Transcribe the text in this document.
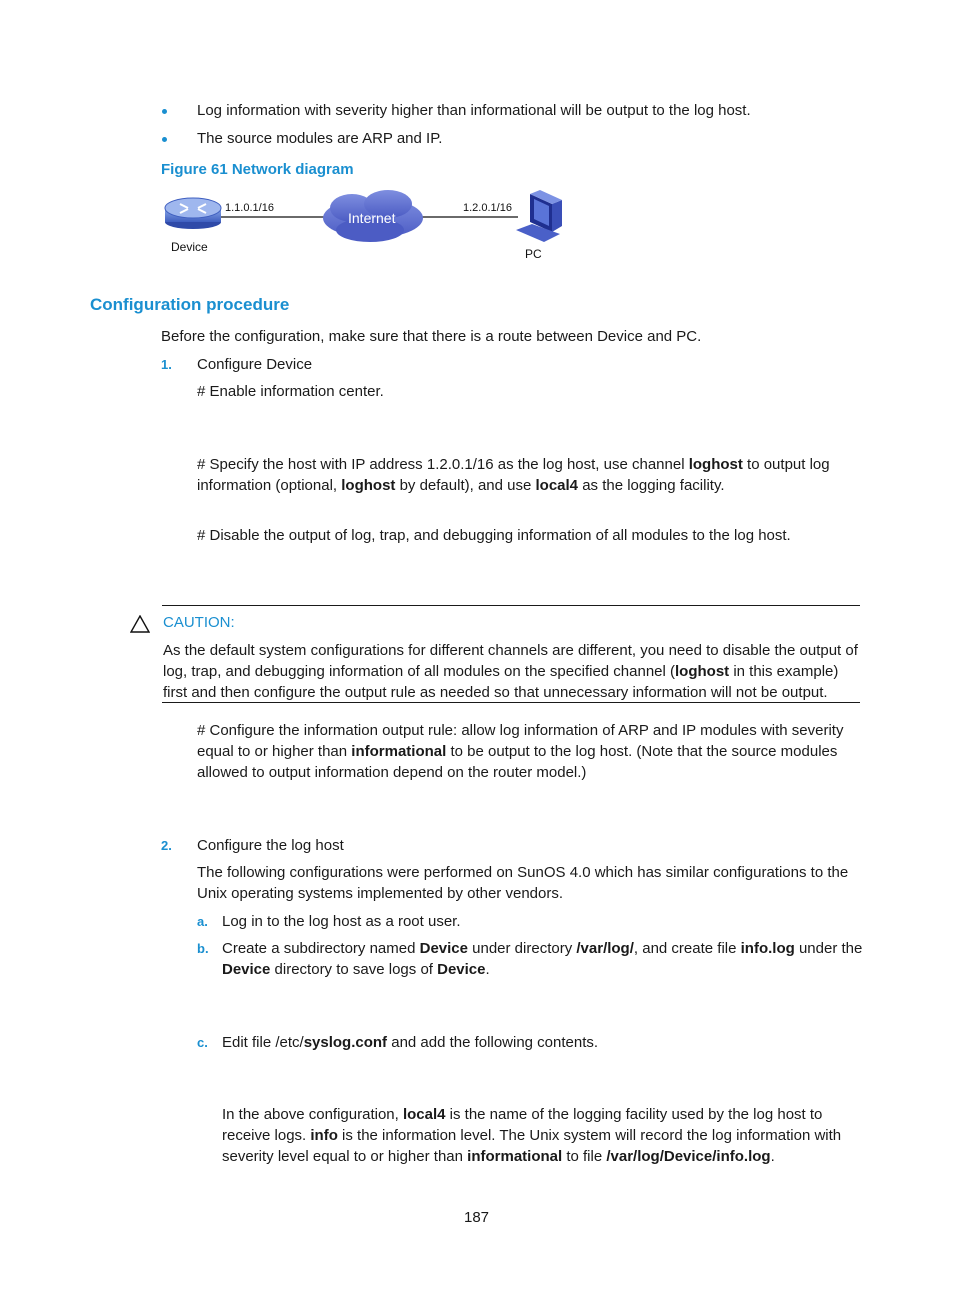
Log information with severity higher than informational will be output to the log host.
The source modules are ARP and IP.
Figure 61 Network diagram
1.1.0.1/16
Device
Internet
1.2.0.1/16
PC
Configuration procedure
Before the configuration, make sure that there is a route between Device and PC.
1. Configure Device
# Enable information center.
# Specify the host with IP address 1.2.0.1/16 as the log host, use channel loghost to output log information (optional, loghost by default), and use local4 as the logging facility.
# Disable the output of log, trap, and debugging information of all modules to the log host.
CAUTION:
As the default system configurations for different channels are different, you need to disable the output of log, trap, and debugging information of all modules on the specified channel (loghost in this example) first and then configure the output rule as needed so that unnecessary information will not be output.
# Configure the information output rule: allow log information of ARP and IP modules with severity equal to or higher than informational to be output to the log host. (Note that the source modules allowed to output information depend on the router model.)
2. Configure the log host
The following configurations were performed on SunOS 4.0 which has similar configurations to the Unix operating systems implemented by other vendors.
a. Log in to the log host as a root user.
b. Create a subdirectory named Device under directory /var/log/, and create file info.log under the Device directory to save logs of Device.
c. Edit file /etc/syslog.conf and add the following contents.
In the above configuration, local4 is the name of the logging facility used by the log host to receive logs. info is the information level. The Unix system will record the log information with severity level equal to or higher than informational to file /var/log/Device/info.log.
187
